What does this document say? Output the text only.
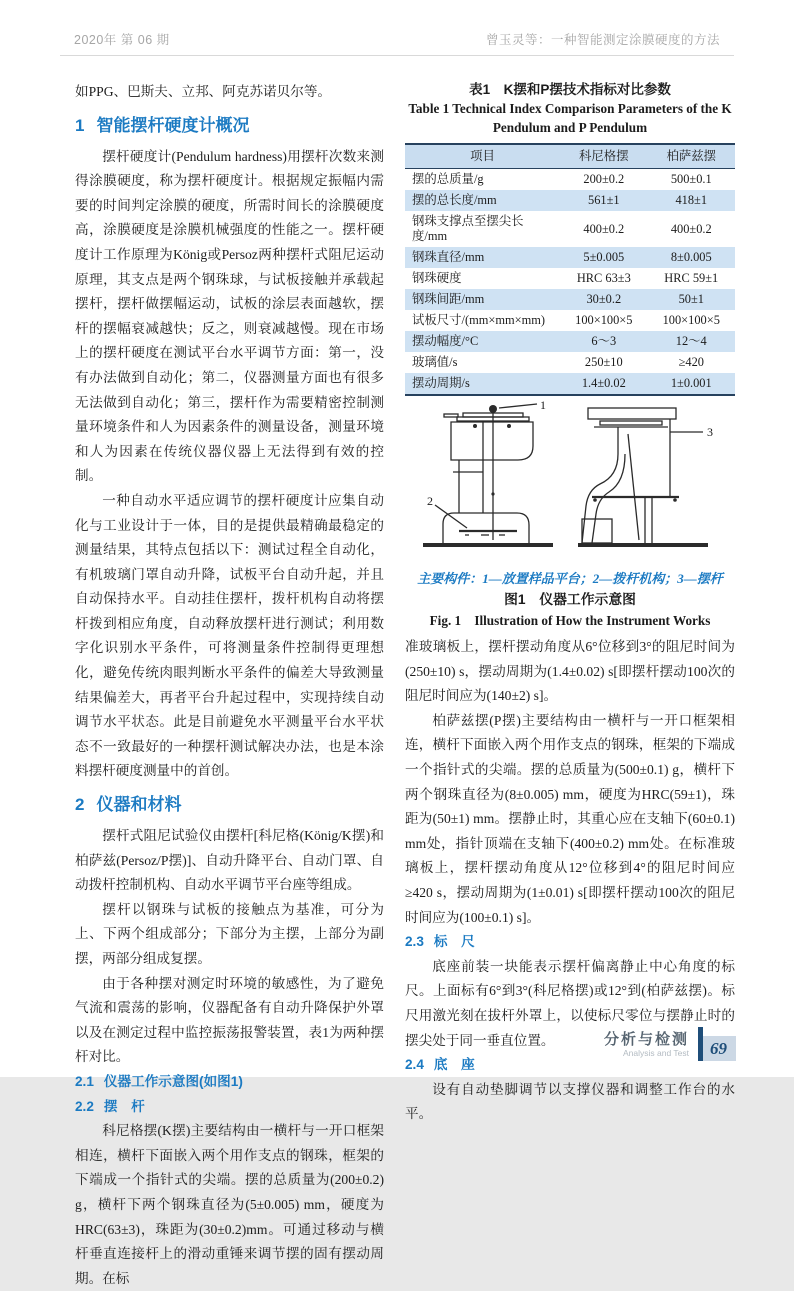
2020年 第 06 期	曾玉灵等：一种智能测定涂膜硬度的方法
如PPG、巴斯夫、立邦、阿克苏诺贝尔等。
1 智能摆杆硬度计概况

摆杆硬度计(Pendulum hardness)用摆杆次数来测得涂膜硬度，称为摆杆硬度计。根据规定振幅内需要的时间判定涂膜的硬度，所需时间长的涂膜硬度高，涂膜硬度是涂膜机械强度的性能之一。摆杆硬度计工作原理为König或Persoz两种摆杆式阻尼运动原理，其支点是两个钢珠球，与试板接触并承载起摆杆，摆杆做摆幅运动，试板的涂层表面越软，摆杆的摆幅衰减越快；反之，则衰减越慢。现在市场上的摆杆硬度在测试平台水平调节方面：第一，没有办法做到自动化；第二，仪器测量方面也有很多无法做到自动化；第三，摆杆作为需要精密控制测量环境条件和人为因素条件的测量设备，测量环境和人为因素在传统仪器仪器上无法得到有效的控制。

一种自动水平适应调节的摆杆硬度计应集自动化与工业设计于一体，目的是提供最精确最稳定的测量结果，其特点包括以下：测试过程全自动化，有机玻璃门罩自动升降，试板平台自动升起，并且自动保持水平。自动挂住摆杆，拨杆机构自动将摆杆拨到相应角度，自动释放摆杆进行测试；利用数字化识别水平条件，可将测量条件控制得更理想化，避免传统肉眼判断水平条件的偏差大导致测量结果偏差大，再者平台升起过程中，实现持续自动调节水平状态。此是目前避免水平测量平台水平状态不一致最好的一种摆杆测试解决办法，也是本涂料摆杆硬度测量中的首创。

2 仪器和材料

摆杆式阻尼试验仪由摆杆[科尼格(König/K摆)和柏萨兹(Persoz/P摆)]、自动升降平台、自动门罩、自动拨杆控制机构、自动水平调节平台座等组成。

摆杆以钢珠与试板的接触点为基准，可分为上、下两个组成部分；下部分为主摆，上部分为副摆，两部分组成复摆。

由于各种摆对测定时环境的敏感性，为了避免气流和震荡的影响，仪器配备有自动升降保护外罩以及在测定过程中监控振荡报警装置，表1为两种摆杆对比。

2.1 仪器工作示意图(如图1)
2.2 摆　杆

科尼格摆(K摆)主要结构由一横杆与一开口框架相连，横杆下面嵌入两个用作支点的钢珠，框架的下端成一个指针式的尖端。摆的总质量为(200±0.2) g，横杆下两个钢珠直径为(5±0.005) mm，硬度为HRC(63±3)，珠距为(30±0.2)mm。可通过移动与横杆垂直连接杆上的滑动重锤来调节摆的固有摆动周期。在标

表1　K摆和P摆技术指标对比参数
Table 1 Technical Index Comparison Parameters of the K Pendulum and P Pendulum
项目	科尼格摆	柏萨兹摆
摆的总质量/g	200±0.2	500±0.1
摆的总长度/mm	561±1	418±1
钢珠支撑点至摆尖长度/mm	400±0.2	400±0.2
钢珠直径/mm	5±0.005	8±0.005
钢珠硬度	HRC 63±3	HRC 59±1
钢珠间距/mm	30±0.2	50±1
试板尺寸/(mm×mm×mm)	100×100×5	100×100×5
摆动幅度/°C	6～3	12～4
玻璃值/s	250±10	≥420
摆动周期/s	1.4±0.02	1±0.001
1
2
3
主要构件：1—放置样品平台；2—拨杆机构；3—摆杆
图1　仪器工作示意图
Fig. 1　Illustration of How the Instrument Works

准玻璃板上，摆杆摆动角度从6°位移到3°的阻尼时间为(250±10) s，摆动周期为(1.4±0.02) s[即摆杆摆动100次的阻尼时间应为(140±2) s]。

柏萨兹摆(P摆)主要结构由一横杆与一开口框架相连，横杆下面嵌入两个用作支点的钢珠，框架的下端成一个指针式的尖端。摆的总质量为(500±0.1) g，横杆下两个钢珠直径为(8±0.005) mm，硬度为HRC(59±1)，珠距为(50±1) mm。摆静止时，其重心应在支轴下(60±0.1) mm处，指针顶端在支轴下(400±0.2) mm处。在标准玻璃板上，摆杆摆动角度从12°位移到4°的阻尼时间应≥420 s，摆动周期为(1±0.01) s[即摆杆摆动100次的阻尼时间应为(100±0.1) s]。

2.3 标　尺

底座前装一块能表示摆杆偏离静止中心角度的标尺。上面标有6°到3°(科尼格摆)或12°到(柏萨兹摆)。标尺用激光刻在拔杆外罩上，以使标尺零位与摆静止时的摆尖处于同一垂直位置。

2.4 底　座

设有自动垫脚调节以支撑仪器和调整工作台的水平。

分析与检测
Analysis and Test 69
